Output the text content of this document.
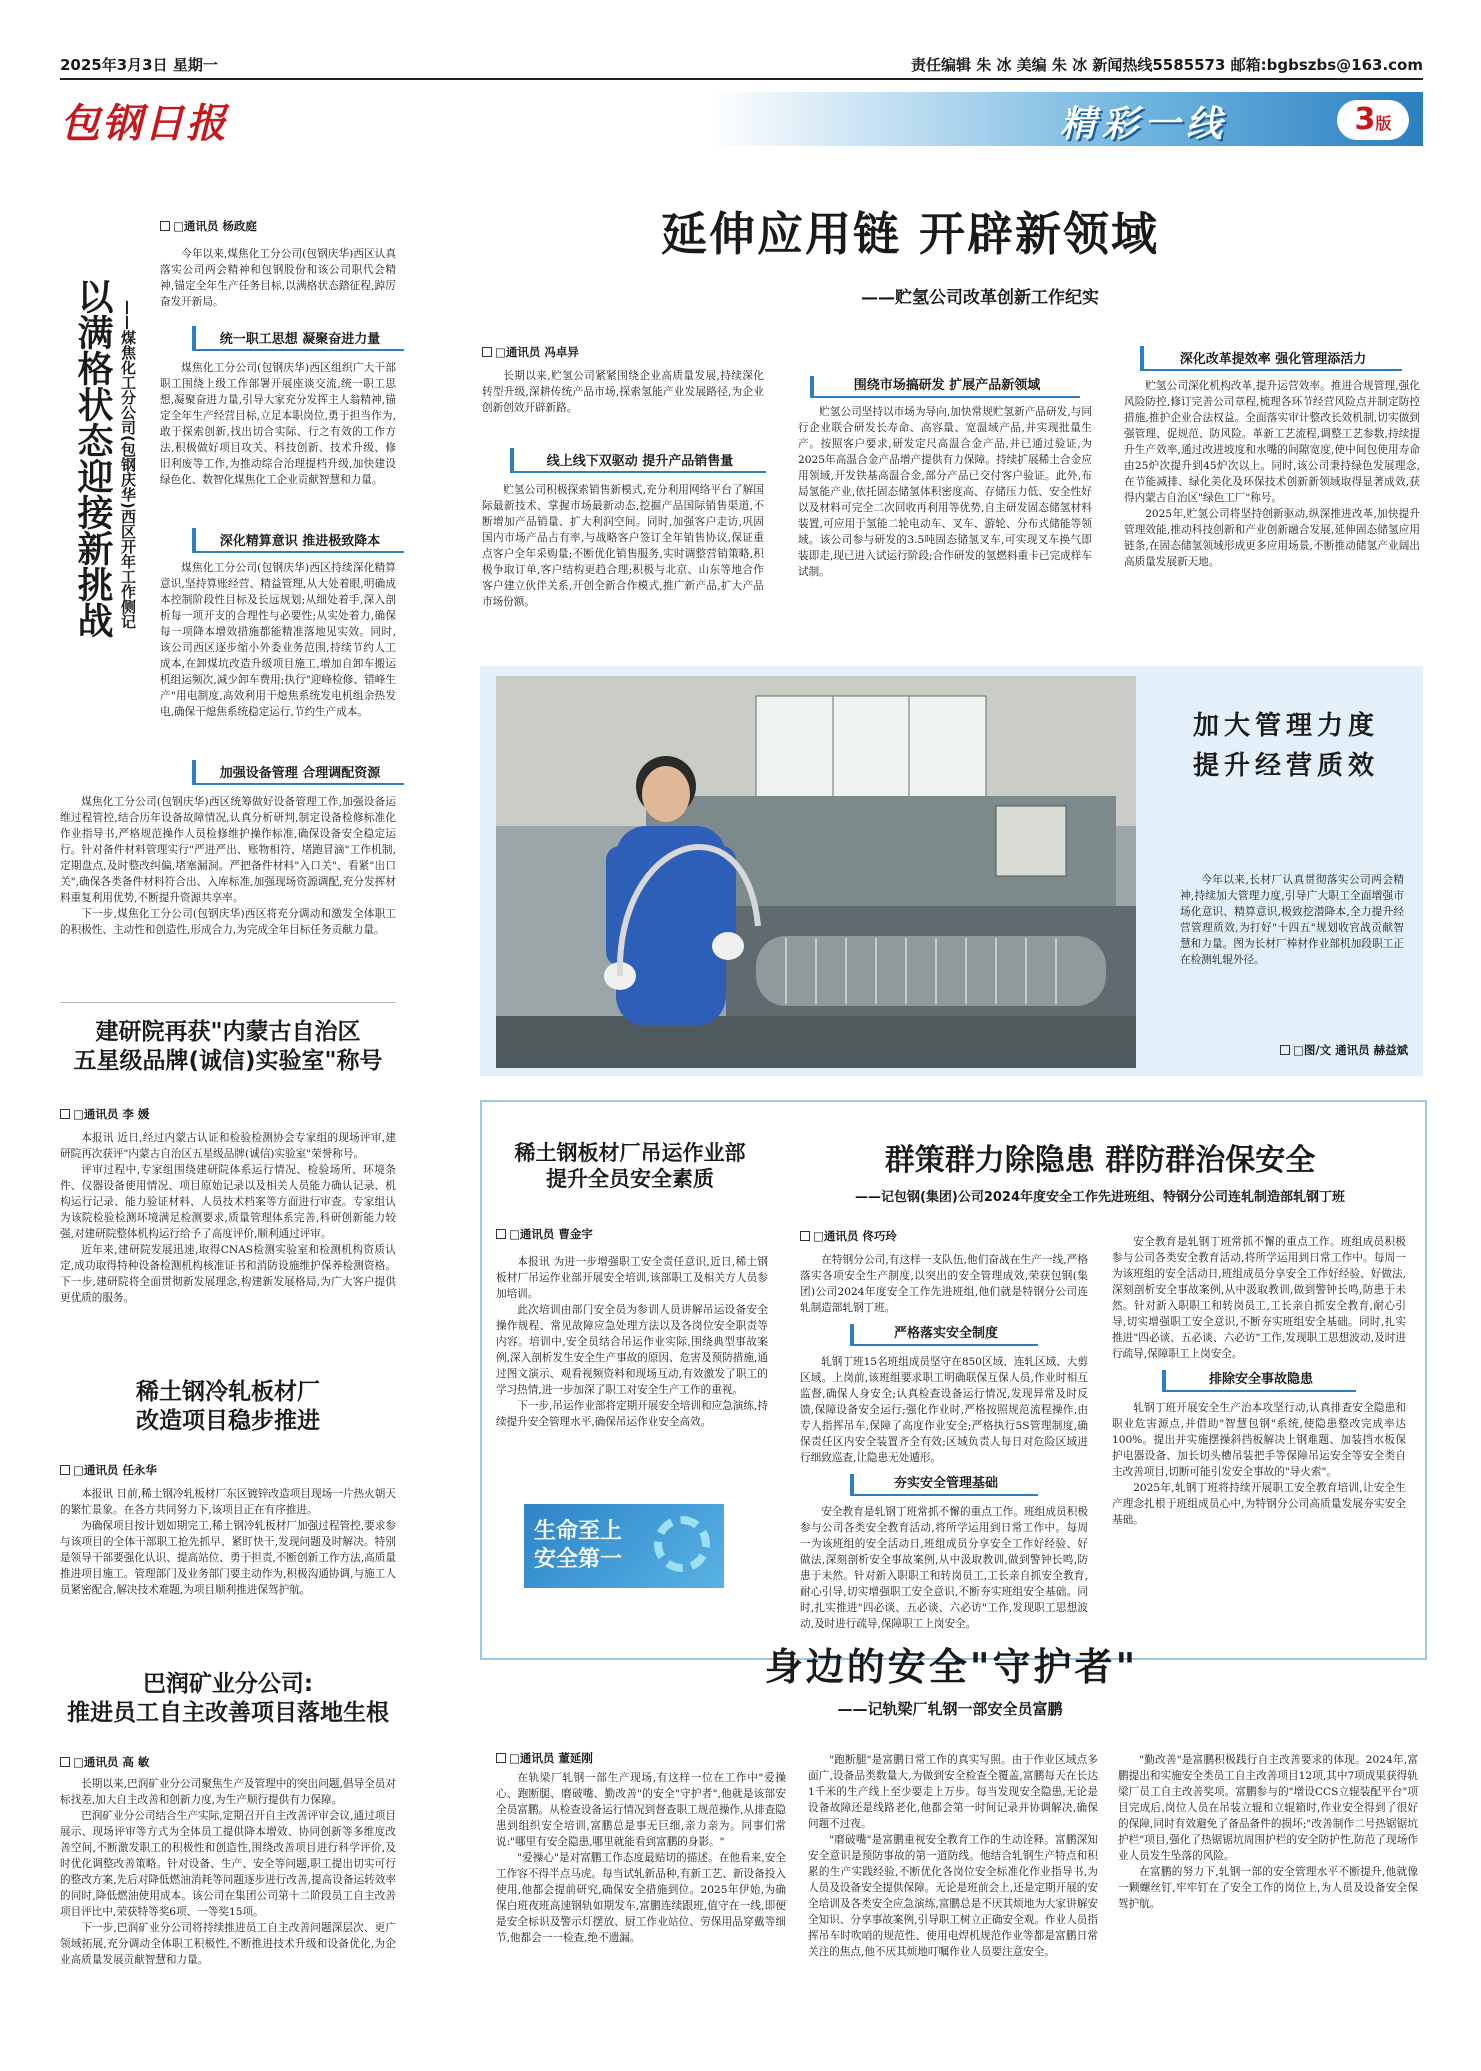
2025年3月3日 星期一	责任编辑 朱 冰 美编 朱 冰 新闻热线5585573 邮箱:bgbszbs@163.com
包钢日报	精彩一线	3版
以满格状态迎接新挑战 ——煤焦化工分公司(包钢庆华)西区开年工作侧记
□通讯员 杨政庭

今年以来,煤焦化工分公司(包钢庆华)西区认真落实公司两会精神和包钢股份和该公司职代会精神,锚定全年生产任务目标,以满格状态踏征程,踔厉奋发开新局。

统一职工思想 凝聚奋进力量

煤焦化工分公司(包钢庆华)西区组织广大干部职工围绕上级工作部署开展座谈交流,统一职工思想,凝聚奋进力量,引导大家充分发挥主人翁精神,锚定全年生产经营目标,立足本职岗位,勇于担当作为,敢于探索创新,找出切合实际、行之有效的工作方法,积极做好项目攻关、科技创新、技术升级、修旧利废等工作,为推动综合治理提档升级,加快建设绿色化、数智化煤焦化工企业贡献智慧和力量。

深化精算意识 推进极致降本

煤焦化工分公司(包钢庆华)西区持续深化精算意识,坚持算账经营、精益管理,从大处着眼,明确成本控制阶段性目标及长远规划;从细处着手,深入剖析每一项开支的合理性与必要性;从实处着力,确保每一项降本增效措施都能精准落地见实效。同时,该公司西区逐步缩小外委业务范围,持续节约人工成本,在卸煤坑改造升级项目施工,增加自卸车搬运机组运频次,减少卸车费用;执行"迎峰检修、错峰生产"用电制度,高效利用干熄焦系统发电机组余热发电,确保干熄焦系统稳定运行,节约生产成本。

加强设备管理 合理调配资源

煤焦化工分公司(包钢庆华)西区统筹做好设备管理工作,加强设备运维过程管控,结合历年设备故障情况,认真分析研判,制定设备检修标准化作业指导书,严格规范操作人员检修维护操作标准,确保设备安全稳定运行。针对备件材料管理实行"严进严出、账物相符、堵跑冒滴"工作机制,定期盘点,及时整改纠偏,堵塞漏洞。严把备件材料"入口关"、看紧"出口关",确保各类备件材料符合出、入库标准,加强现场资源调配,充分发挥材料重复利用优势,不断提升资源共享率。

下一步,煤焦化工分公司(包钢庆华)西区将充分调动和激发全体职工的积极性、主动性和创造性,形成合力,为完成全年目标任务贡献力量。

建研院再获"内蒙古自治区
五星级品牌(诚信)实验室"称号
□通讯员 李 媛

本报讯 近日,经过内蒙古认证和检验检测协会专家组的现场评审,建研院再次获评"内蒙古自治区五星级品牌(诚信)实验室"荣誉称号。

评审过程中,专家组围绕建研院体系运行情况、检验场所、环境条件、仪器设备使用情况、项目原始记录以及相关人员能力确认记录、机构运行记录、能力验证材料、人员技术档案等方面进行审查。专家组认为该院检验检测环境满足检测要求,质量管理体系完善,科研创新能力较强,对建研院整体机构运行给予了高度评价,顺利通过评审。

近年来,建研院发展迅速,取得CNAS检测实验室和检测机构资质认定,成功取得特种设备检测机构核准证书和消防设施维护保养检测资格。下一步,建研院将全面贯彻新发展理念,构建新发展格局,为广大客户提供更优质的服务。

稀土钢冷轧板材厂
改造项目稳步推进
□通讯员 任永华

本报讯 日前,稀土钢冷轧板材厂东区镀锌改造项目现场一片热火朝天的繁忙景象。在各方共同努力下,该项目正在有序推进。

为确保项目按计划如期完工,稀土钢冷轧板材厂加强过程管控,要求参与该项目的全体干部职工抢先抓早、紧盯快干,发现问题及时解决。特别是领导干部要强化认识、提高站位、勇于担责,不断创新工作方法,高质量推进项目施工。管理部门及业务部门要主动作为,积极沟通协调,与施工人员紧密配合,解决技术难题,为项目顺利推进保驾护航。

巴润矿业分公司:
推进员工自主改善项目落地生根
□通讯员 高 敏

长期以来,巴润矿业分公司聚焦生产及管理中的突出问题,倡导全员对标找差,加大自主改善和创新力度,为生产顺行提供有力保障。

巴润矿业分公司结合生产实际,定期召开自主改善评审会议,通过项目展示、现场评审等方式为全体员工提供降本增效、协同创新等多维度改善空间,不断激发职工的积极性和创造性,围绕改善项目进行科学评价,及时优化调整改善策略。针对设备、生产、安全等问题,职工提出切实可行的整改方案,先后对降低燃油消耗等问题逐步进行改善,提高设备运转效率的同时,降低燃油使用成本。该公司在集团公司第十二阶段员工自主改善项目评比中,荣获特等奖6项、一等奖15项。

下一步,巴润矿业分公司将持续推进员工自主改善问题深层次、更广领域拓展,充分调动全体职工积极性,不断推进技术升级和设备优化,为企业高质量发展贡献智慧和力量。

延伸应用链 开辟新领域
——贮氢公司改革创新工作纪实
□通讯员 冯卓异

长期以来,贮氢公司紧紧围绕企业高质量发展,持续深化转型升级,深耕传统产品市场,探索氢能产业发展路径,为企业创新创效开辟新路。

线上线下双驱动 提升产品销售量

贮氢公司积极探索销售新模式,充分利用网络平台了解国际最新技术、掌握市场最新动态,挖掘产品国际销售渠道,不断增加产品销量、扩大利润空间。同时,加强客户走访,巩固国内市场产品占有率,与战略客户签订全年销售协议,保证重点客户全年采购量;不断优化销售服务,实时调整营销策略,积极争取订单,客户结构更趋合理;积极与北京、山东等地合作客户建立伙伴关系,开创全新合作模式,推广新产品,扩大产品市场份额。

围绕市场搞研发 扩展产品新领域

贮氢公司坚持以市场为导向,加快常规贮氢新产品研发,与同行企业联合研发长寿命、高容量、宽温域产品,并实现批量生产。按照客户要求,研发定尺高温合金产品,并已通过验证,为2025年高温合金产品增产提供有力保障。持续扩展稀土合金应用领域,开发铁基高温合金,部分产品已交付客户验证。此外,布局氢能产业,依托固态储氢体积密度高、存储压力低、安全性好以及材料可完全二次回收再利用等优势,自主研发固态储氢材料装置,可应用于氢能二轮电动车、叉车、游轮、分布式储能等领域。该公司参与研发的3.5吨固态储氢叉车,可实现叉车换气即装即走,现已进入试运行阶段;合作研发的氢燃料重卡已完成样车试制。

深化改革提效率 强化管理添活力

贮氢公司深化机构改革,提升运营效率。推进合规管理,强化风险防控,修订完善公司章程,梳理各环节经营风险点并制定防控措施,推护企业合法权益。全面落实审计整改长效机制,切实做到强管理、促规范、防风险。革新工艺流程,调整工艺参数,持续提升生产效率,通过改进坡度和水嘴的间隙宽度,使中间包使用寿命由25炉次提升到45炉次以上。同时,该公司秉持绿色发展理念,在节能减排、绿化美化及环保技术创新新领域取得显著成效,获得内蒙古自治区"绿色工厂"称号。

2025年,贮氢公司将坚持创新驱动,纵深推进改革,加快提升管理效能,推动科技创新和产业创新融合发展,延伸固态储氢应用链条,在固态储氢领域形成更多应用场景,不断推动储氢产业阔出高质量发展新天地。

加大管理力度
提升经营质效

今年以来,长材厂认真贯彻落实公司两会精神,持续加大管理力度,引导广大职工全面增强市场化意识、精算意识,极致挖潜降本,全力提升经营管理质效,为打好"十四五"规划收官战贡献智慧和力量。图为长材厂棒材作业部机加段职工正在检测轧辊外径。

□图/文 通讯员 赫益斌
稀土钢板材厂吊运作业部
提升全员安全素质
□通讯员 曹金宇

本报讯 为进一步增强职工安全责任意识,近日,稀土钢板材厂吊运作业部开展安全培训,该部职工及相关方人员参加培训。

此次培训由部门安全员为参训人员讲解吊运设备安全操作规程、常见故障应急处理方法以及各岗位安全职责等内容。培训中,安全员结合吊运作业实际,围绕典型事故案例,深入剖析发生安全生产事故的原因、危害及预防措施,通过图文演示、观看视频资料和现场互动,有效激发了职工的学习热情,进一步加深了职工对安全生产工作的重视。

下一步,吊运作业部将定期开展安全培训和应急演练,持续提升安全管理水平,确保吊运作业安全高效。

生命至上 安全第一
群策群力除隐患 群防群治保安全
——记包钢(集团)公司2024年度安全工作先进班组、特钢分公司连轧制造部轧钢丁班
□通讯员 佟巧玲

在特钢分公司,有这样一支队伍,他们奋战在生产一线,严格落实各项安全生产制度,以突出的安全管理成效,荣获包钢(集团)公司2024年度安全工作先进班组,他们就是特钢分公司连轧制造部轧钢丁班。

严格落实安全制度

轧钢丁班15名班组成员坚守在850区域、连轧区域、大剪区域。上岗前,该班组要求职工明确联保互保人员,作业时相互监督,确保人身安全;认真检查设备运行情况,发现异常及时反馈,保障设备安全运行;强化作业时,严格按照规范流程操作,由专人指挥吊车,保障了高度作业安全;严格执行5S管理制度,确保责任区内安全装置齐全有效;区域负责人每日对危险区域进行细致巡查,让隐患无处遁形。

夯实安全管理基础

安全教育是轧钢丁班常抓不懈的重点工作。班组成员积极参与公司各类安全教育活动,将所学运用到日常工作中。每周一为该班组的安全活动日,班组成员分享安全工作好经验、好做法,深刻剖析安全事故案例,从中汲取教训,做到警钟长鸣,防患于未然。针对新入职职工和转岗员工,工长亲自抓安全教育,耐心引导,切实增强职工安全意识,不断夯实班组安全基础。同时,扎实推进"四必谈、五必谈、六必访"工作,发现职工思想波动,及时进行疏导,保障职工上岗安全。

安全教育是轧钢丁班常抓不懈的重点工作。班组成员积极参与公司各类安全教育活动,将所学运用到日常工作中。每周一为该班组的安全活动日,班组成员分享安全工作好经验、好做法,深刻剖析安全事故案例,从中汲取教训,做到警钟长鸣,防患于未然。针对新入职职工和转岗员工,工长亲自抓安全教育,耐心引导,切实增强职工安全意识,不断夯实班组安全基础。同时,扎实推进"四必谈、五必谈、六必访"工作,发现职工思想波动,及时进行疏导,保障职工上岗安全。

排除安全事故隐患

轧钢丁班开展安全生产治本攻坚行动,认真排查安全隐患和职业危害源点,并借助"智慧包钢"系统,使隐患整改完成率达100%。提出并实施摆操斜挡板解决上钢难题、加装挡水板保护电器设备、加长切头槽吊装把手等保障吊运安全等安全类自主改善项目,切断可能引发安全事故的"导火索"。

2025年,轧钢丁班将持续开展职工安全教育培训,让安全生产理念扎根于班组成员心中,为特钢分公司高质量发展夯实安全基础。

身边的安全"守护者"
——记轨梁厂轧钢一部安全员富鹏
□通讯员 董延刚

在轨梁厂轧钢一部生产现场,有这样一位在工作中"爱操心、跑断腿、磨破嘴、勤改善"的安全"守护者",他就是该部安全员富鹏。从检查设备运行情况到督查职工规范操作,从排查隐患到组织安全培训,富鹏总是事无巨细,亲力亲为。同事们常说:"哪里有安全隐患,哪里就能看到富鹏的身影。"

"爱操心"是对富鹏工作态度最贴切的描述。在他看来,安全工作容不得半点马虎。每当试轧新品种,有新工艺、新设备投入使用,他都会提前研究,确保安全措施到位。2025年伊始,为确保白班夜班高速钢轨如期发车,富鹏连续跟班,值守在一线,即便是安全标识及警示灯摆放、厨工作业站位、劳保用品穿戴等细节,他都会一一检查,绝不遗漏。

"跑断腿"是富鹏日常工作的真实写照。由于作业区域点多面广,设备品类数量大,为做到安全检查全覆盖,富鹏每天在长达1千米的生产线上至少要走上万步。每当发现安全隐患,无论是设备故障还是线路老化,他都会第一时间记录并协调解决,确保问题不过夜。

"磨破嘴"是富鹏重视安全教育工作的生动诠释。富鹏深知安全意识是预防事故的第一道防线。他结合轧钢生产特点和积累的生产实践经验,不断优化各岗位安全标准化作业指导书,为人员及设备安全提供保障。无论是班前会上,还是定期开展的安全培训及各类安全应急演练,富鹏总是不厌其烦地为大家讲解安全知识、分享事故案例,引导职工树立正确安全观。作业人员指挥吊车时吹哨的规范性、使用电焊机规范作业等都是富鹏日常关注的焦点,他不厌其烦地叮嘱作业人员要注意安全。

"勤改善"是富鹏积极践行自主改善要求的体现。2024年,富鹏提出和实施安全类员工自主改善项目12项,其中7项成果获得轨梁厂员工自主改善奖项。富鹏参与的"增设CCS立辊装配平台"项目完成后,岗位人员在吊装立辊和立辊箱时,作业安全得到了很好的保障,同时有效避免了备品备件的损坏;"改善制作二号热锯锯坑护栏"项目,强化了热锯锯坑周围护栏的安全防护性,防范了现场作业人员发生坠落的风险。

在富鹏的努力下,轧钢一部的安全管理水平不断提升,他就像一颗螺丝钉,牢牢钉在了安全工作的岗位上,为人员及设备安全保驾护航。
